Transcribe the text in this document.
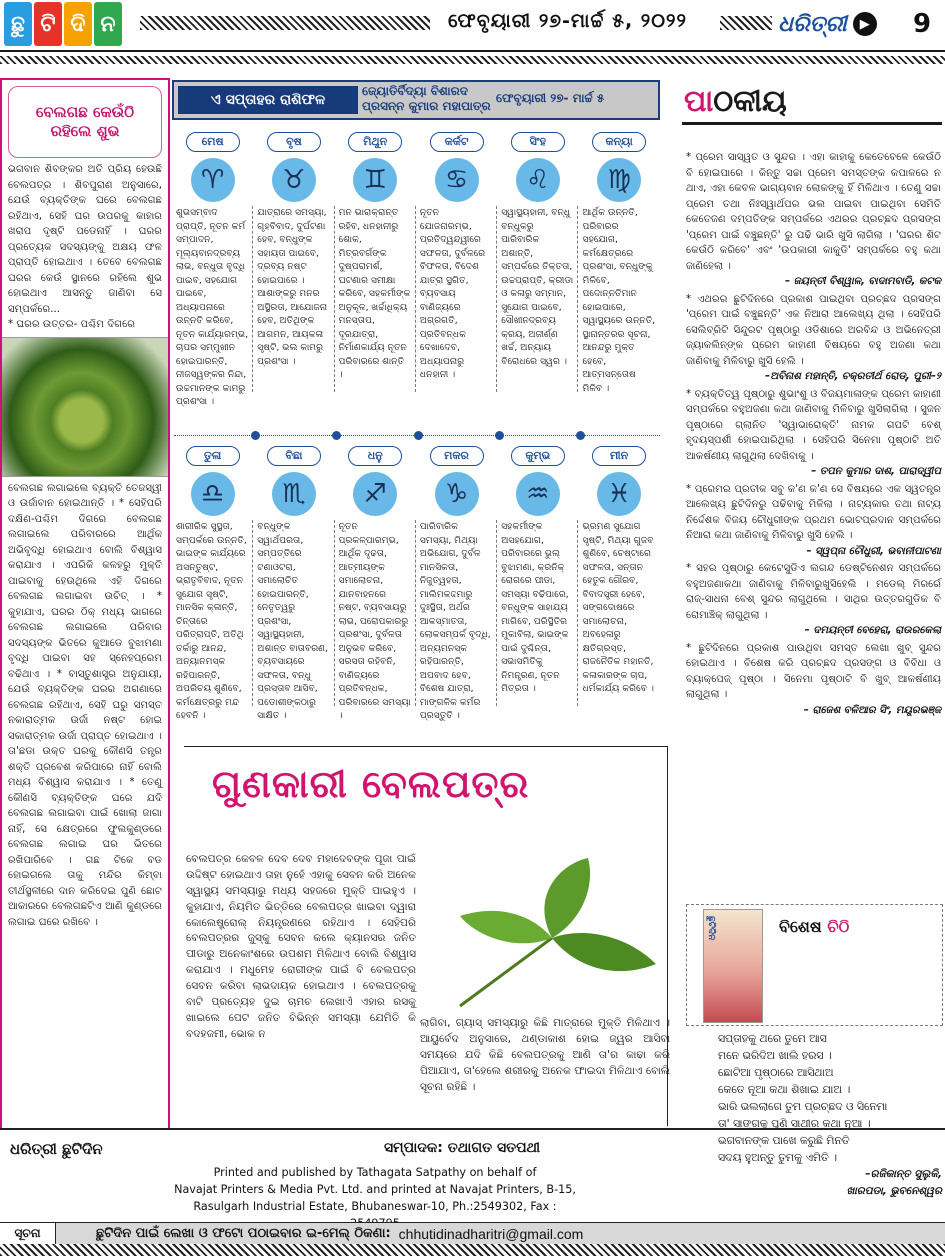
ଛୁ ଟି ଦି ନ	ଫେବୃୟାରୀ ୨୭-ମାର୍ଚ୍ଚ ୫, ୨୦୨୨	ଧରିତ୍ରୀ	▶	9
ବେଲଗଛ କେଉଁଠି
ରହିଲେ ଶୁଭ

ଭଗବାନ ଶିବଙ୍କର ଅତି ପ୍ରିୟ ହେଉଛି ବେଲପତ୍ର । ଶିବପୁରାଣ ଅନୁସାରେ, ଯେଉଁ ବ୍ୟକ୍ତିଙ୍କ ଘରେ ବେଲଗଛ ରହିଥାଏ, ସେହି ଘର ଉପରକୁ କାହାର ଖରାପ ଦୃଷ୍ଟି ପଡେନାହିଁ । ଘରର ପ୍ରତ୍ୟେକ ସଦସ୍ୟଙ୍କୁ ଅକ୍ଷୟ ଫଳ ପ୍ରାପ୍ତି ହୋଇଥାଏ । ତେବେ ବେଲଗଛ ଘରର କେଉଁ ସ୍ଥାନରେ ରହିଲେ ଶୁଭ ହୋଇଥାଏ ଆସନ୍ତୁ ଜାଣିବା ସେ ସମ୍ପର୍କରେ...

* ଘରର ଉତ୍ତର- ପଶ୍ଚିମ ଦିଗରେ

ବେଲଗଛ ଲଗାଇଲେ ବ୍ୟକ୍ତି ତେଜସ୍ୱୀ ଓ ଉର୍ଜାବାନ ହୋଇଥାନ୍ତି । * ସେହିପରି ଦକ୍ଷିଣ-ପଶ୍ଚିମ ଦିଗରେ ବେଲଗଛ ଲଗାଇଲେ ପରିବାରରେ ଆର୍ଥିକ ଅଭିବୃଦ୍ଧି ହୋଇଥାଏ ବୋଲି ବିଶ୍ୱାସ କରାଯାଏ । ଏପରିକି କଳହରୁ ମୁକ୍ତି ପାଇବାକୁ ହେଉଥିଲେ ଏହି ଦିଗରେ ବେଲଗଛ ଲଗାଇବା ଉଚିତ୍ । * କୁହାଯାଏ, ଘରର ଠିକ୍ ମଧ୍ୟ ଭାଗରେ ବେଲଗଛ ଲଗାଇଲେ ପରିବାର ସଦସ୍ୟଙ୍କ ଭିତରେ କୁଆଡେ ବୁଝାମଣା ବୃଦ୍ଧି ପାଇବା ସହ ସ୍ନେହପ୍ରେମ ବଢିଥାଏ । * ବାସ୍ତୁଶାସ୍ତ୍ର ଅନୁଯାୟୀ, ଯେଉଁ ବ୍ୟକ୍ତିଙ୍କ ଘରର ଅଗଣାରେ ବେଲଗଛ ରହିଥାଏ, ସେହି ଘରୁ ସମସ୍ତ ନକାରାତ୍ମକ ଉର୍ଜା ନଷ୍ଟ ହୋଇ ସକାରାତ୍ମକ ଉର୍ଜା ପ୍ରାପ୍ତ ହୋଇଥାଏ । ତା'ଛଡା ଉକ୍ତ ଘରକୁ କୌଣସି ତନ୍ତ୍ର ଶକ୍ତି ପ୍ରବେଶ କରିପାରେ ନାହିଁ ବୋଲି ମଧ୍ୟ ବିଶ୍ୱାସ କରାଯାଏ । * ତେଣୁ କୌଣସି ବ୍ୟକ୍ତିଙ୍କ ଘରେ ଯଦି ବେଲଗଛ ଲଗାଇବା ପାଇଁ ଖୋଲା ଜାଗା ନାହିଁ, ସେ କ୍ଷେତ୍ରରେ ଫୁଲକୁଣ୍ଡରେ ବେଲଗଛ ଲଗାଇ ଘର ଭିତରେ ରଖିପାରିବେ । ଗଛ ଟିକେ ବଡ ହୋଇଗଲେ ତାକୁ ମନ୍ଦିର କିମ୍ବା ତୀର୍ଥସ୍ଥଳୀରେ ଦାନ କରିଦେଇ ପୁଣି ଛୋଟ ଆକାରରେ ବେଲଗଛଟିଏ ଆଣି କୁଣ୍ଡରେ ଲଗାଇ ଘରେ ରଖିବେ ।

ଏ ସପ୍ତାହର ରାଶିଫଳ
ଜ୍ୟୋତିର୍ବିଦ୍ୟା ବିଶାରଦ
ପ୍ରସନ୍ନ କୁମାର ମହାପାତ୍ର
ଫେବୃୟାରୀ ୨୭- ମାର୍ଚ୍ଚ ୫
ମେଷ
♈
ଶୁଭସମ୍ବାଦ ପ୍ରାପ୍ତି, ନୂତନ କର୍ମ ସମ୍ପାଦନ, ମୂଲ୍ୟବାନଦ୍ରବ୍ୟ ଲାଭ, ବନ୍ଧୁତା ବୃଦ୍ଧି ପାଇବ, ସହଯୋଗ ପାଇବେ, ଅଧ୍ୟାପନାରେ ଉନ୍ନତି କରିବେ, ନୂତନ କାର୍ଯ୍ୟାରମ୍ଭ, ଚାପର ସମ୍ମୁଖୀନ ହୋଇପାରନ୍ତି, ନୀଜସ୍ୱଙ୍କର ନିନ୍ଦା, ଉଚ୍ଚମାନଙ୍କ କାମରୁ ପ୍ରଶଂସା ।
ବୃଷ
♉
ଯାତ୍ରାରେ ସମସ୍ୟା, ଗୃହବିବାଦ, ଦୁର୍ଘଟଣା ହେବ, ବନ୍ଧୁଙ୍କ ସହାୟତା ପାଇବେ, ଦ୍ରବ୍ୟ ନଷ୍ଟ ହୋଇପାରେ । ଆଶାଙ୍କରୁ ମନର ଅସ୍ଥିରତା, ଆଯୋଜନା ହେବ, ଅତିଥିଙ୍କ ଆଗମନ, ଆୟକଳା ସୃଷ୍ଟି, ଭଲ କାମରୁ ପ୍ରଶଂସା ।
ମିଥୁନ
♊
ମନ ଭାରାକ୍ରାନ୍ତ ରହିବ, ଧନହାନୀରୁ ଶୋକ, ମିତ୍ରବର୍ଗଙ୍କ ଦୁଷ୍ପରାମର୍ଶ, ଘଟଣାର ସମୀକ୍ଷା କରିବେ, ସହକର୍ମୀଙ୍କ ଅନୁକୂଳ, ଖର୍ଚ୍ଚାଧିକ୍ୟ ମନସ୍ତାପ, ଦୂରଯାତ୍ରା, ନିର୍ମାଣକାର୍ଯ୍ୟ ନୂତନ ପରିବାରରେ ଶାନ୍ତି ।
କର୍କଟ
♋
ନୂତନ ଯୋଜନାରମ୍ଭ, ପ୍ରତିଦ୍ୱନ୍ଦ୍ୱୀରେ ସଫଳତା, ଦୁର୍ବଳରେ ବିଫଳତା, ବିଦେଶ ଯାତ୍ରା ସ୍ଥଗିତ, ବ୍ୟବସାୟ ବାଣିଜ୍ୟରେ ଅଗ୍ରଗତି, ପ୍ରତିବନ୍ଧକ ଦେଖାଦେବ, ଅଧ୍ୟାପନାରୁ ଧନହାନୀ ।
ସିଂହ
♌
ସ୍ୱାସ୍ଥ୍ୟହାନୀ, ବନ୍ଧୁ ବନ୍ଧୁକରୁ ପାରିବାରିକ ଅଶାନ୍ତି, ସମ୍ପର୍କରେ ତିକ୍ତତା, ଉଚ୍ଚପ୍ରାପ୍ତି, କ୍ରୀଡା ଓ କଳାରୁ ସମ୍ମାନ, ସୁଯୋଗ ପାଇବେ, ସୌଖୀନଦ୍ରବ୍ୟ କ୍ରୟ, ଅଜୀର୍ଣ୍ଣ ଖର୍ଚ୍ଚ, ଅନ୍ୟାୟ ବିରୋଧରେ ସ୍ୱର ।
କନ୍ୟା
♍
ଆର୍ଥିକ ଉନ୍ନତି, ପରିବାରର ସହଯୋଗ, କର୍ମକ୍ଷେତ୍ରରେ ପ୍ରଶଂସା, ବନ୍ଧୁଙ୍କୁ ମିଳିବେ, ପଦୋନ୍ନତିମାନ ହୋଇପାରେ, ସ୍ୱାସ୍ଥ୍ୟରେ ଉନ୍ନତି, ସ୍ଥାନାନ୍ତରର ସୂଚନା, ଆନନ୍ଦରୁ ମୁକ୍ତ ହେବେ, ଆତ୍ମସନ୍ତୋଷ ମିଳିବ ।
ତୁଳା
♎
ଶାରୀରିକ ସୁସ୍ଥତା, ସମ୍ପର୍କରେ ଉନ୍ନତି, ଭାଇଙ୍କ କାର୍ଯ୍ୟରେ ଅସନ୍ତୁଷ୍ଟ, ଭ୍ରାତୃବିବାଦ, ନୂତନ ସୁଯୋଗ ସୃଷ୍ଟି, ମାନସିକ କ୍ଳାନ୍ତି, ଚିନ୍ତାରେ ପରିତ୍ରାପ୍ତି, ଅତିଥି ତର୍କାରୁ ଆନନ୍ଦ, ଅନ୍ୟାନମସ୍କ ରହିପାରନ୍ତି, ଅପରିଚୟ ଶୁଣିବେ, କର୍ମକ୍ଷେତ୍ରରୁ ମନ୍ଦ ହେବନି ।
ବିଛା
♏
ବନ୍ଧୁଙ୍କ ସ୍ୱାର୍ଥପରତା, ସମ୍ପତ୍ତିରେ ଟଣାଓଟରା, ସମାଲୋଚିତ ହୋଇପାରନ୍ତି, ନେତୃତ୍ୱରୁ ପ୍ରଶଂସା, ସ୍ୱାସ୍ଥ୍ୟହାନୀ, ଅଶାନ୍ତ ବାତାବରଣ, ବ୍ୟବସାୟରେ ସଫଳତା, ବନ୍ଧୁ ପ୍ରସ୍ତାବ ଆସିବ, ପଡୋଶୀଙ୍କଠାରୁ ସାକ୍ଷିତ ।
ଧନୁ
♐
ନୂତନ ପ୍ରକଳ୍ପାରମ୍ଭ, ଆର୍ଥିକ ଦୃଢତା, ଆତ୍ମୀୟଙ୍କ ସମାଲୋଚନା, ଯାନବାହନରେ ନଷ୍ଟ, ବ୍ୟବସାୟରୁ ଲାଭ, ପରୋପକାରରୁ ପ୍ରଶଂସା, ଦୁର୍ବଳତା ଅନୁଭବ କରିବେ, ସରସତା ରହିବନି, ବାଣିଜ୍ୟରେ ପ୍ରତିବନ୍ଧକ, ପରିବାରରେ ସମସ୍ୟା ।
ମକର
♑
ପାରିବାରିକ ସମସ୍ୟା, ମିଥ୍ୟା ଅଭିଯୋଗ, ଦୁର୍ବଳ ମାନସିକତା, ନିଜୁତ୍ୱହତା, ମାଲିମକଦ୍ଦମାରୁ ଦୁଃସ୍ଥିତା, ଅର୍ଥର ଆକସ୍ମାତତା, ଲୋକସମ୍ପର୍କ ବୃଦ୍ଧି, ଅନ୍ୟମନସ୍କ ରହିପାରନ୍ତି, ଅପବାଦ ହେବ, ବିଶେଷ ଯାତ୍ରା, ମାଙ୍ଗଳିକ କର୍ମର ପ୍ରସ୍ତୁତି ।
କୁମ୍ଭ
♒
ସହକର୍ମୀଙ୍କ ଅସହଯୋଗ, ପରିବାରରେ ଭୁଲ୍ ବୁଝାମଣା, କ୍ରନିକ୍ ରୋଗରେ ପୀଡା, ସମସ୍ୟା ବଢିପାରେ, ବନ୍ଧୁଙ୍କ ସାହାଯ୍ୟ ମାଗିବେ, ପରିସ୍ଥିତିର ମୁକାବିଲା, ଭାଇଙ୍କ ପାଇଁ ଦୁଶ୍ଚିନ୍ତା, ସଭାସମିତିକୁ ନିମନ୍ତ୍ରଣ, ନୂତନ ମିତ୍ରତା ।
ମୀନ
♓
ଭ୍ରମଣ ସୁଯୋଗ ସୃଷ୍ଟି, ମିଥ୍ୟା ଗୁଜବ ଶୁଣିବେ, ଚେଷ୍ଟାରେ ସଫଳତା, ସନ୍ତାନ ହେତୁକ ଗୌରବ, ବିବାଦସ୍ତ୍ରୀ ହେବେ, ସଙ୍ଗଦୋଷରେ ସମାଲୋଚନା, ଅବହେଳାରୁ କ୍ଷତିଗ୍ରସ୍ତ, ରାଜନୈତିକ ମହାନତି, କଳାକାରଙ୍କ ଚାପ, ଧର୍ମକାର୍ଯ୍ୟ କରିବେ ।
ଗୁଣକାରୀ ବେଲପତ୍ର
ବେଲପତ୍ର କେବଳ ଦେବ ଦେବ ମହାଦେବଙ୍କ ପୂଜା ପାଇଁ ଉଦ୍ଦିଷ୍ଟ ହୋଇଥାଏ ତାହା ନୁହେଁ ଏହାକୁ ସେବନ କରି ଅନେକ ସ୍ୱାସ୍ଥ୍ୟ ସମସ୍ୟାରୁ ମଧ୍ୟ ସହଜରେ ମୁକ୍ତି ପାଇହୁଏ । କୁହାଯାଏ, ନିୟମିତ ଭିତ୍ତିରେ ବେଲପତ୍ର ଖାଇବା ଦ୍ୱାରା କୋଲେଷ୍ଟ୍ରୋଲ୍ ନିୟନ୍ତ୍ରଣରେ ରହିଥାଏ । ସେହିପରି ବେଲପତ୍ରର ଜୁସ୍କୁ ସେବନ କଲେ କ୍ୟାନସର ଜନିତ ପୀଡାରୁ ଅନେକାଂଶରେ ଉପଶମ ମିଳିଥାଏ ବୋଲି ବିଶ୍ୱାସ କରାଯାଏ । ମଧୁମେହ ରୋଗୀଙ୍କ ପାଇଁ ବି ବେଲପତ୍ର ସେବନ କରିବା ଲାଭଦାୟକ ହୋଇଥାଏ । ବେଲପତ୍ରକୁ ବାଟି ପ୍ରତ୍ୟେହ ଦୁଇ ଚାମଚ ଲେଖାଏଁ ଏହାର ରସକୁ ଖାଇଲେ ପେଟ ଜନିତ ବିଭିନ୍ନ ସମସ୍ୟା ଯେମିତି କି ବଦହଜମୀ, ଭୋକ ନ
ଲାଗିବା, ଗ୍ୟାସ୍ ସମସ୍ୟାରୁ କିଛି ମାତ୍ରାରେ ମୁକ୍ତି ମିଳିଥାଏ । ଆୟୁର୍ବେଦ ଅନୁସାରେ, ଥଣ୍ଡାକାଶ ହୋଇ ଜ୍ୱର ଆସିବା ସମୟରେ ଯଦି କିଛି ବେଲପତ୍ରକୁ ଆଣି ତା'ର କାଢା କରି ପିଆଯାଏ, ତା'ହେଲେ ଶରୀରକୁ ଅନେକ ଫାଇଦା ମିଳିଥାଏ ବୋଲି ସୂଚନା ରହିଛି ।
ପାଠକୀୟ

* ପ୍ରେମ ସାସ୍ୱତ ଓ ସୁନ୍ଦର । ଏହା କାହାକୁ କେତେବେଳେ କେଉଁଠି ବି ହୋଇପାରେ । କିନ୍ତୁ ସଚ୍ଚା ପ୍ରେମ ସମସ୍ତଙ୍କ କପାଳରେ ନ ଥାଏ, ଏହା କେବଳ ଭାଗ୍ୟବାନ ଲୋକଙ୍କୁ ହିଁ ମିଳିଥାଏ । ତେଣୁ ସଚ୍ଚା ପ୍ରେମ ତଥା ନିଃସ୍ୱାର୍ଥପର ଭଲ ପାଇବା ପାଇଥିବା ସେମିତି କେତେଜଣ ଦମ୍ପତିଙ୍କ ସମ୍ପର୍କରେ ଏଥରର ପ୍ରଚ୍ଛଦ ପ୍ରସଙ୍ଗ 'ପ୍ରେମ ପାଇଁ ବଞ୍ଚୁଛନ୍ତି' ରୁ ପଢି ଭାରି ଖୁସି ଲାଗିଲା । 'ଘରର ଶିଟ କେଉଁଠି କରିବେ' ଏବଂ 'ଉପକାରୀ କାକୁଡି' ସମ୍ପର୍କରେ ବହୁ କଥା ଜାଣିହେଲା ।

– ଜୟନ୍ତୀ ବିଶ୍ୱାଳ, ବାଦାମବାଡି, କଟକ

* ଏଥରର ଛୁଟିଦିନରେ ପ୍ରକାଶ ପାଇଥିବା ପ୍ରଚ୍ଛଦ ପ୍ରସଙ୍ଗ 'ପ୍ରେମ ପାଇଁ ବଞ୍ଚୁଛନ୍ତି' ଏକ ନିଆରା ଆଲେଖ୍ୟ ଥିଲା । ସେହିପରି ସେଲିବ୍ରିଟି ସିନ୍ଦୁରଟ ପୃଷ୍ଠାରୁ ଓଡିଶାରେ ଅରବିନ୍ଦ ଓ ଅଭିନେତ୍ରୀ ଜ୍ୟାକଲିନ୍ଙ୍କ ପ୍ରେମ କାହାଣୀ ବିଷୟରେ ବହୁ ଅଜଣା କଥା ଜାଣିବାକୁ ମିଳିବାରୁ ଖୁସି ହେଲି ।

–ଅବିନାଶ ମହାନ୍ତି, ଚକ୍ରତୀର୍ଥ ରୋଡ୍, ପୁରୀ–୨

* ବ୍ୟକ୍ତିତ୍ୱ ପୃଷ୍ଠାରୁ ଶୁଭାଂଶୁ ଓ ବିଜୟମାଳାଙ୍କ ପ୍ରେମ କାହାଣୀ ସମ୍ପର୍କରେ ବହୁଅଜଣା କଥା ଜାଣିବାକୁ ମିଳିବାରୁ ଖୁସିଲାଗିଲା । ସୁଜନ ପୃଷ୍ଠାରେ ଗ୍ଲାନିତ 'ସ୍ୱାଭାରୋକ୍ତି' ନାମକ ଗପଟି ବେଶ୍ ହୃଦୟସ୍ପର୍ଶୀ ହୋଇପାରିଥିଲା । ସେହିପରି ସିନେମା ପୃଷ୍ଠାଟି ଅତି ଆକର୍ଷଣୀୟ ଲାଗୁଥିଲା ଦେଖିବାକୁ ।

– ତପନ କୁମାର ଦାଶ, ପାରାଦ୍ୱୀପ

* ପ୍ରେମର ପ୍ରତୀକ ସବୁ କ'ଣ କ'ଣ ସେ ବିଷୟରେ ଏକ ସ୍ୱତନ୍ତ୍ର ଆଲେଖ୍ୟ ଛୁଟିଦିନରୁ ପଢିବାକୁ ମିଳିଲା । ନାଟ୍ୟକାର ତଥା ନାଟ୍ୟ ନିର୍ଦ୍ଦେଶକ ବିଜୟ ଚୌଧୁରୀଙ୍କ ପ୍ରଥମ ଭୋଟପ୍ରଦାନ ସମ୍ପର୍କରେ ନିଆରା କଥା ଜାଣିବାକୁ ମିଳିବାରୁ ଖୁସି ହେଲି ।

– ସ୍ୱପ୍ନା ଚୌଧୁରୀ, ଭବାନୀପାଟଣା

* ସହର ପୃଷ୍ଠାରୁ କେଟେସୁଡିଏ ଲଗନ୍ଦ ଡେଷ୍ଟିନେଶନ ସମ୍ପର୍କରେ ବହୁଅଜଣାକଥା ଜାଣିବାକୁ ମିଳିବାରୁଖୁସିହେଲି । ମଡେଲ୍ ମିରର୍ରେ ରାଜ୍-ସାଧନା ବେଶ୍ ସୁନ୍ଦର ଲାଗୁଥିଲେ । ସାଥିର ଉତ୍ତରଗୁଡିକ ବି ରୋମାଞ୍ଚିକ୍ ଲାଗୁଥିଲା ।

– ଦମୟନ୍ତୀ ବେହେରା, ରାଉରକେଲା

* ଛୁଟିଦିନରେ ପ୍ରକାଶ ପାଉଥିବା ସମସ୍ତ ଲେଖା ଖୁବ୍ ସୁନ୍ଦର ହୋଇଥାଏ । ବିଶେଷ କରି ପ୍ରଚ୍ଛଦ ପ୍ରସଙ୍ଗ ଓ ବିବିଧା ଓ ବ୍ୟାକ୍ପେଜ୍ ପୃଷ୍ଠା । ସିନେମା ପୃଷ୍ଠାଟି ବି ଖୁବ୍ ଆକର୍ଷଣୀୟ ଲାଗୁଥିଲା ।

– ରାଜେଶ ବଳିଆର ସିଂ, ମୟୂରଭଞ୍ଜ

ଛୁଟିଦିନ	ବିଶେଷ ଚିଠି
ସପ୍ତାହକୁ ଥରେ ତୁମେ ଆସ
ମନେ ଭରିଦିଅ ଖାଲି ହରସ ।
ଛୋଟିଆ ପୃଷ୍ଠାରେ ଆସିଥାଅ
କେତେ ନୂଆ କଥା ଶିଖାଇ ଯାଅ ।
ଭାରି ଭଲଲାଗେ ତୁମ ପ୍ରଚ୍ଛଦ ଓ ସିନେମା
ତା' ସାଙ୍ଗକୁ ପୁଣି ସାଥୀର କଥା ନୂଆ ।
ଭଗବାନଙ୍କ ପାଖେ କରୁଛି ମିନତି
ସଦୟ ହୁଅନ୍ତୁ ତୁମକୁ ଏମିତି ।
–ରଜିକାନ୍ତ ସୁଲୁକି,
ଖାରପଡା, ଭୁବନେଶ୍ୱର
ଧରିତ୍ରୀ ଛୁଟିଦିନ	ସମ୍ପାଦକ: ତଥାଗତ ସତପଥୀ
Printed and published by Tathagata Satpathy on behalf of
Navajat Printers & Media Pvt. Ltd. and printed at Navajat Printers, B-15,
Rasulgarh Industrial Estate, Bhubaneswar-10, Ph.:2549302, Fax :
ସୂଚନା	ଛୁଟିଦିନ ପାଇଁ ଲେଖା ଓ ଫଟୋ ପଠାଇବାର ଇ-ମେଲ୍ ଠିକଣା: chhutidinadharitri@gmail.com
